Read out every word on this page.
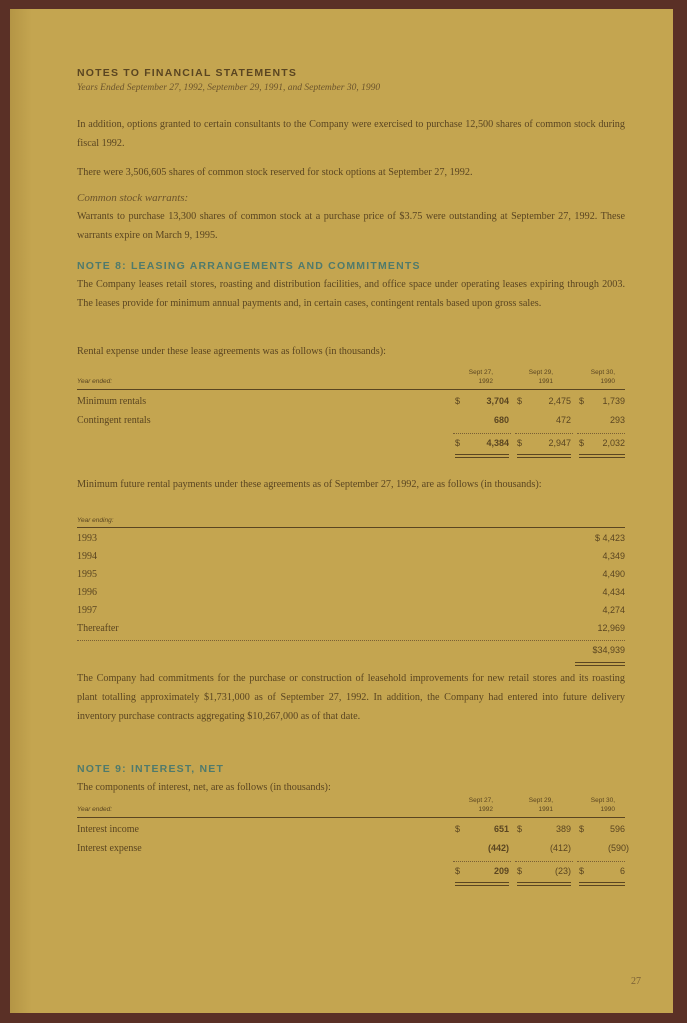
NOTES TO FINANCIAL STATEMENTS
Years Ended September 27, 1992, September 29, 1991, and September 30, 1990
In addition, options granted to certain consultants to the Company were exercised to purchase 12,500 shares of common stock during fiscal 1992.
There were 3,506,605 shares of common stock reserved for stock options at September 27, 1992.
Common stock warrants:
Warrants to purchase 13,300 shares of common stock at a purchase price of $3.75 were outstanding at September 27, 1992. These warrants expire on March 9, 1995.
NOTE 8: LEASING ARRANGEMENTS AND COMMITMENTS
The Company leases retail stores, roasting and distribution facilities, and office space under operating leases expiring through 2003. The leases provide for minimum annual payments and, in certain cases, contingent rentals based upon gross sales.
Rental expense under these lease agreements was as follows (in thousands):
Sept 27,
1992
Sept 29,
1991
Sept 30,
1990
Year ended:
Minimum rentals	$	3,704 $	2,475 $	1,739
Contingent rentals	680	472	293
$	4,384 $	2,947 $	2,032
Minimum future rental payments under these agreements as of September 27, 1992, are as follows (in thousands):
Year ending:
1993	$ 4,423
1994	4,349
1995	4,490
1996	4,434
1997	4,274
Thereafter	12,969
$34,939
The Company had commitments for the purchase or construction of leasehold improvements for new retail stores and its roasting plant totalling approximately $1,731,000 as of September 27, 1992. In addition, the Company had entered into future delivery inventory purchase contracts aggregating $10,267,000 as of that date.
NOTE 9: INTEREST, NET
The components of interest, net, are as follows (in thousands):
Sept 27,
1992
Sept 29,
1991
Sept 30,
1990
Year ended:
Interest income	$	651 $	389 $	596
Interest expense	(442)	(412)	(590)
$	209 $	(23) $	6
27
